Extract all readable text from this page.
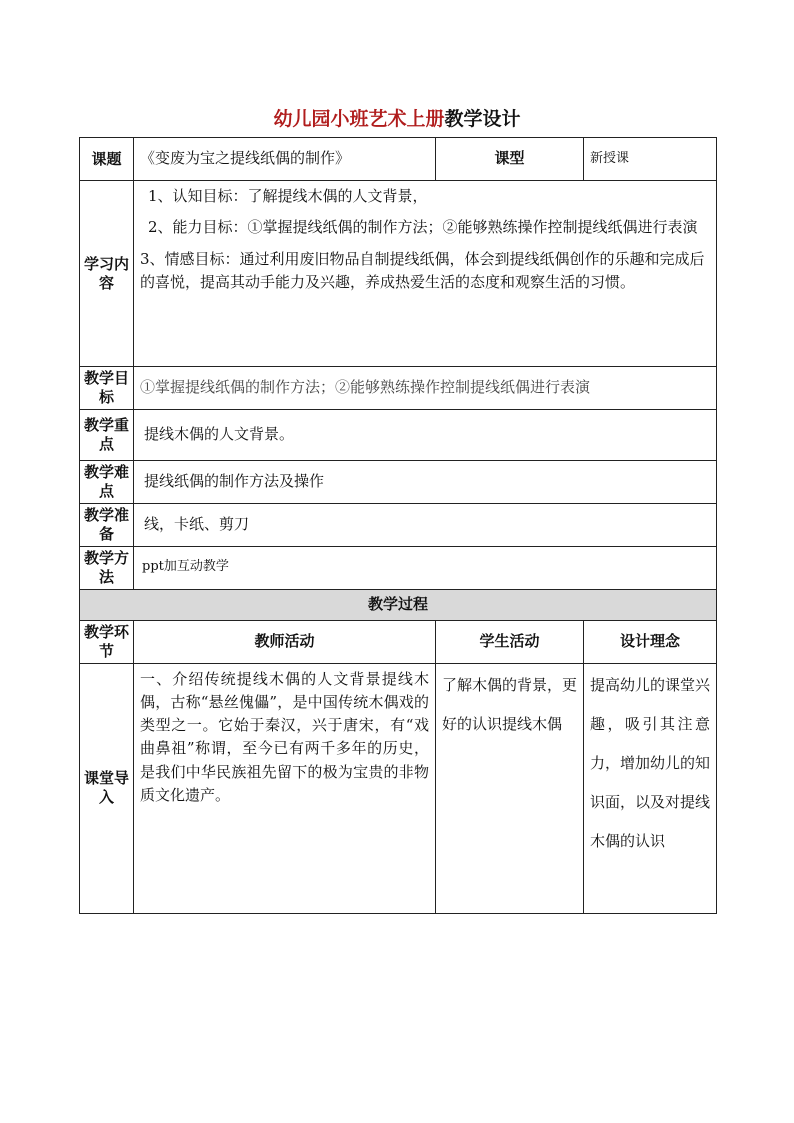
幼儿园小班艺术上册教学设计
课题	《变废为宝之提线纸偶的制作》	课型	新授课
学习内容	1、认知目标：了解提线木偶的人文背景，

2、能力目标：①掌握提线纸偶的制作方法；②能够熟练操作控制提线纸偶进行表演

3、情感目标：通过利用废旧物品自制提线纸偶，体会到提线纸偶创作的乐趣和完成后的喜悦，提高其动手能力及兴趣，养成热爱生活的态度和观察生活的习惯。		

教学目标	①掌握提线纸偶的制作方法；②能够熟练操作控制提线纸偶进行表演		
教学重点	提线木偶的人文背景。		
教学难点	提线纸偶的制作方法及操作		
教学准备	线，卡纸、剪刀		
教学方法	ppt加互动教学		
教学过程			
教学环节	教师活动	学生活动	设计理念
课堂导入	一、介绍传统提线木偶的人文背景提线木偶，古称“悬丝傀儡”，是中国传统木偶戏的类型之一。它始于秦汉，兴于唐宋，有“戏曲鼻祖”称谓，至今已有两千多年的历史，是我们中华民族祖先留下的极为宝贵的非物质文化遗产。	了解木偶的背景，更好的认识提线木偶	提高幼儿的课堂兴趣，吸引其注意力，增加幼儿的知识面，以及对提线木偶的认识
